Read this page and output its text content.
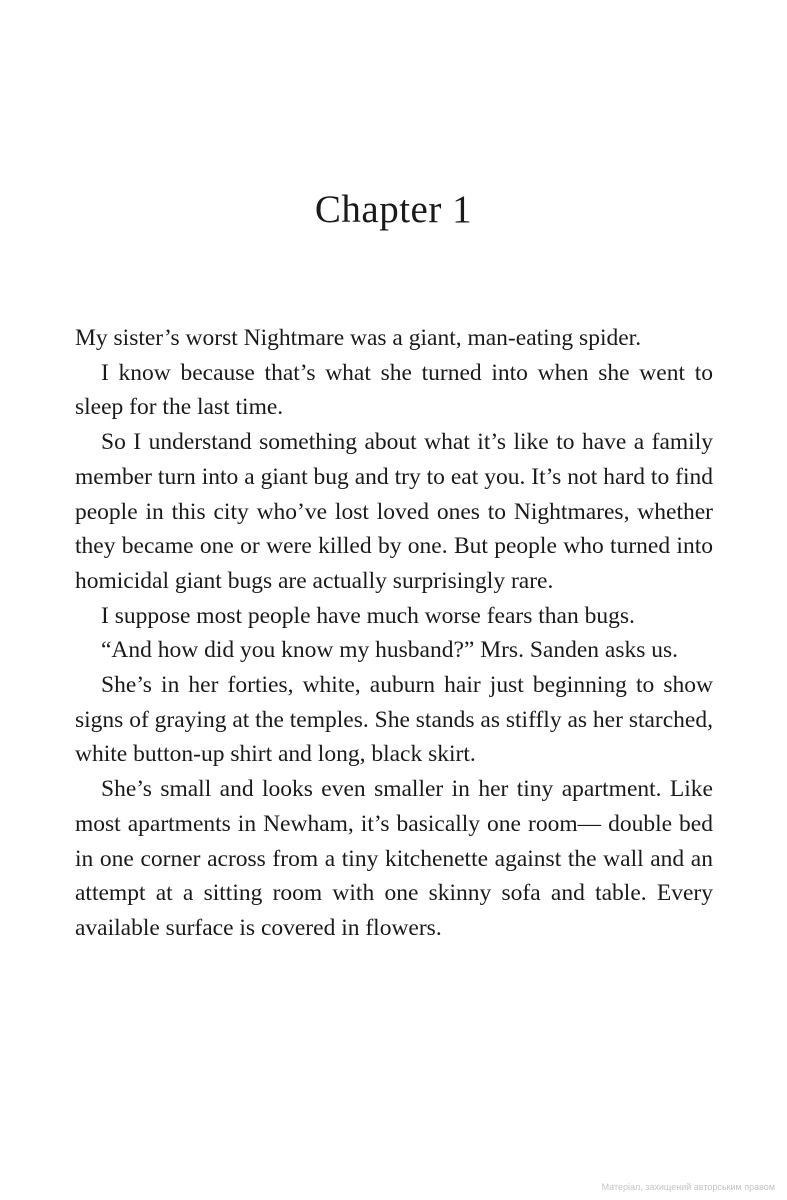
Chapter 1

My sister’s worst Nightmare was a giant, man-eating spider.

I know because that’s what she turned into when she went to sleep for the last time.

So I understand something about what it’s like to have a family member turn into a giant bug and try to eat you. It’s not hard to find people in this city who’ve lost loved ones to Nightmares, whether they became one or were killed by one. But people who turned into homicidal giant bugs are actually surprisingly rare.

I suppose most people have much worse fears than bugs.

“And how did you know my husband?” Mrs. Sanden asks us.

She’s in her forties, white, auburn hair just beginning to show signs of graying at the temples. She stands as stiffly as her starched, white button-up shirt and long, black skirt.

She’s small and looks even smaller in her tiny apartment. Like most apartments in Newham, it’s basically one room— double bed in one corner across from a tiny kitchenette against the wall and an attempt at a sitting room with one skinny sofa and table. Every available surface is covered in flowers.

Матеріал, захищений авторським правом
